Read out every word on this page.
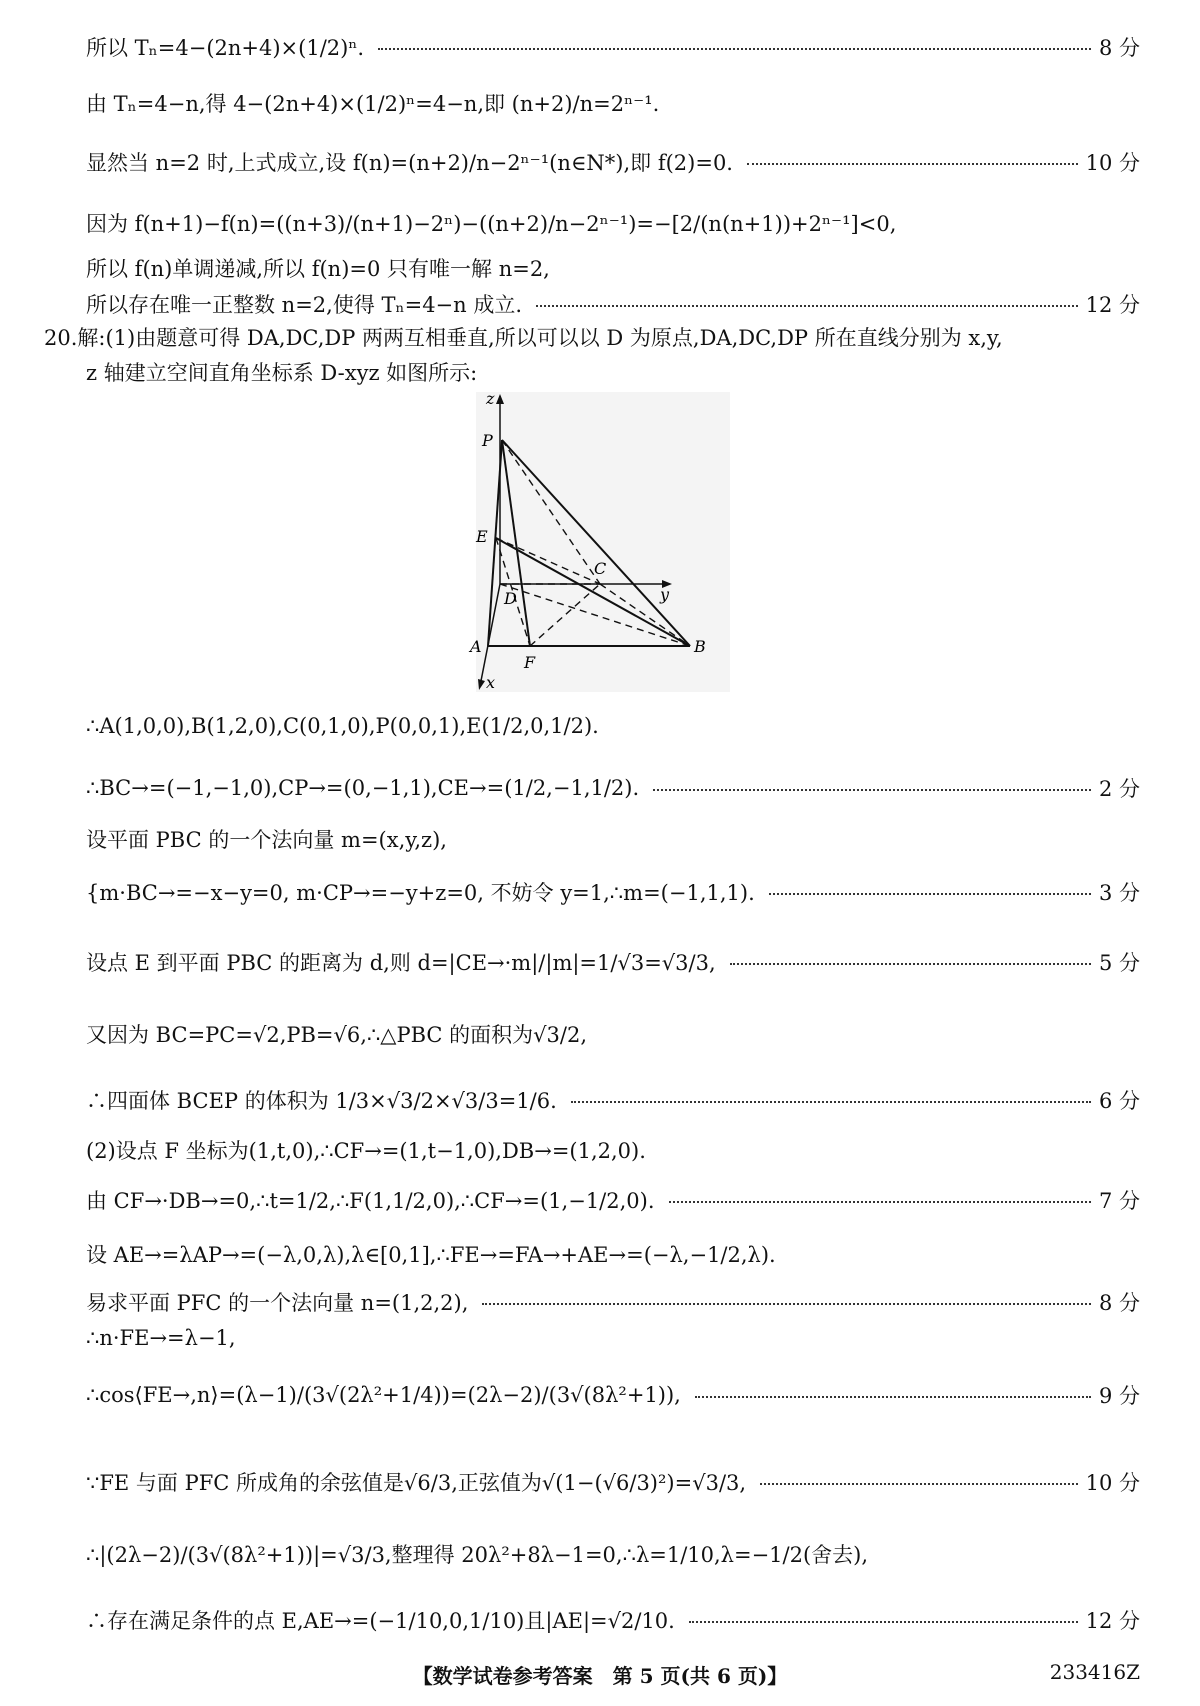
所以 Tₙ=4−(2n+4)×(1/2)ⁿ.	8 分
由 Tₙ=4−n,得 4−(2n+4)×(1/2)ⁿ=4−n,即 (n+2)/n=2ⁿ⁻¹.
显然当 n=2 时,上式成立,设 f(n)=(n+2)/n−2ⁿ⁻¹(n∈N*),即 f(2)=0.	10 分
因为 f(n+1)−f(n)=((n+3)/(n+1)−2ⁿ)−((n+2)/n−2ⁿ⁻¹)=−[2/(n(n+1))+2ⁿ⁻¹]<0,
所以 f(n)单调递减,所以 f(n)=0 只有唯一解 n=2,
所以存在唯一正整数 n=2,使得 Tₙ=4−n 成立.	12 分
20.解:(1)由题意可得 DA,DC,DP 两两互相垂直,所以可以以 D 为原点,DA,DC,DP 所在直线分别为 x,y,
z 轴建立空间直角坐标系 D-xyz 如图所示:
z
P
E
C
D	y
A
F
B
x
∴A(1,0,0),B(1,2,0),C(0,1,0),P(0,0,1),E(1/2,0,1/2).
∴BC→=(−1,−1,0),CP→=(0,−1,1),CE→=(1/2,−1,1/2).	2 分
设平面 PBC 的一个法向量 m=(x,y,z),
{m·BC→=−x−y=0, m·CP→=−y+z=0, 不妨令 y=1,∴m=(−1,1,1).	3 分
设点 E 到平面 PBC 的距离为 d,则 d=|CE→·m|/|m|=1/√3=√3/3,	5 分
又因为 BC=PC=√2,PB=√6,∴△PBC 的面积为√3/2,
∴四面体 BCEP 的体积为 1/3×√3/2×√3/3=1/6.	6 分
(2)设点 F 坐标为(1,t,0),∴CF→=(1,t−1,0),DB→=(1,2,0).
由 CF→·DB→=0,∴t=1/2,∴F(1,1/2,0),∴CF→=(1,−1/2,0).	7 分
设 AE→=λAP→=(−λ,0,λ),λ∈[0,1],∴FE→=FA→+AE→=(−λ,−1/2,λ).
易求平面 PFC 的一个法向量 n=(1,2,2),	8 分
∴n·FE→=λ−1,
∴cos⟨FE→,n⟩=(λ−1)/(3√(2λ²+1/4))=(2λ−2)/(3√(8λ²+1)),	9 分
∵FE 与面 PFC 所成角的余弦值是√6/3,正弦值为√(1−(√6/3)²)=√3/3,	10 分
∴|(2λ−2)/(3√(8λ²+1))|=√3/3,整理得 20λ²+8λ−1=0,∴λ=1/10,λ=−1/2(舍去),
∴存在满足条件的点 E,AE→=(−1/10,0,1/10)且|AE|=√2/10.	12 分
【数学试卷参考答案　第 5 页(共 6 页)】	233416Z
